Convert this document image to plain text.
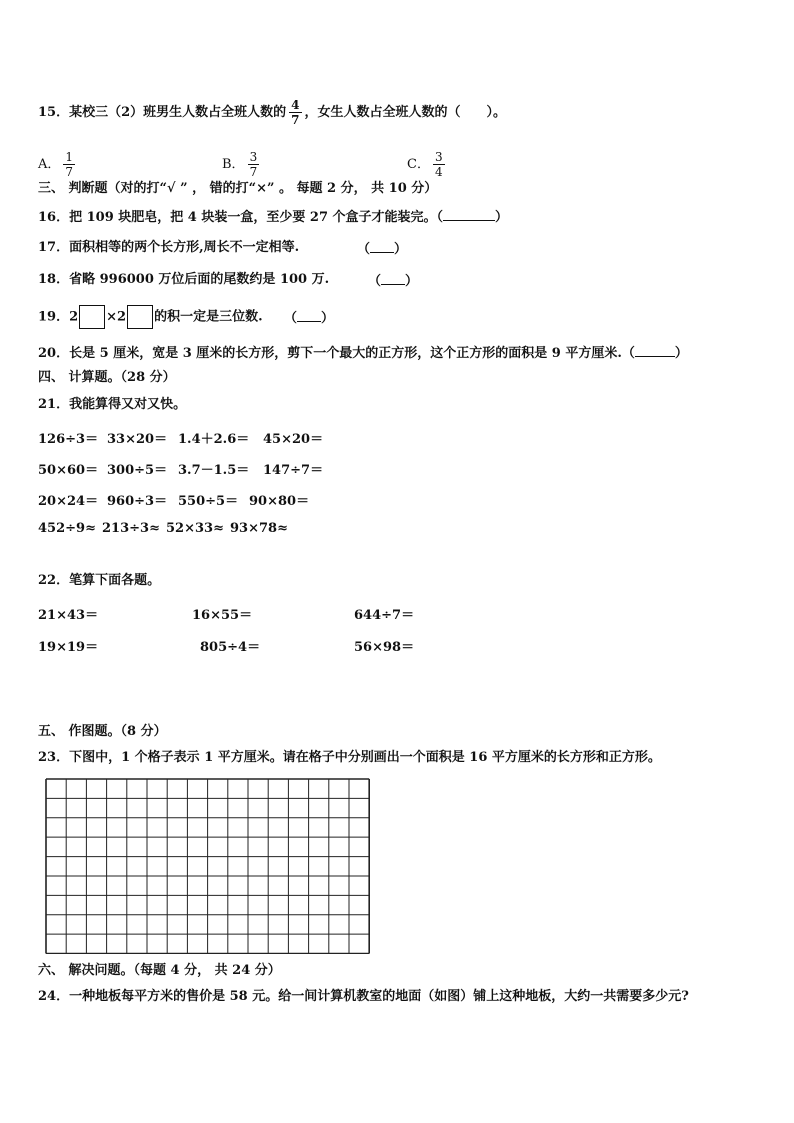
15．某校三（2）班男生人数占全班人数的 $\frac{4}{7}$ ，女生人数占全班人数的（　　）。
A． $\frac{1}{7}$	B． $\frac{3}{7}$	C． $\frac{3}{4}$
三、 判断题（对的打“√ ” ， 错的打“×” 。 每题 2 分， 共 10 分）
16．把 109 块肥皂，把 4 块装一盒，至少要 27 个盒子才能装完。（	）
17．面积相等的两个长方形,周长不一定相等.	（ ）
18．省略 996000 万位后面的尾数约是 100 万.	（ ）
19．2 ×2 的积一定是三位数. （ ）
20．长是 5 厘米，宽是 3 厘米的长方形，剪下一个最大的正方形，这个正方形的面积是 9 平方厘米.（	）
四、 计算题。（28 分）
21．我能算得又对又快。
126÷3＝ 33×20＝ 1.4＋2.6＝ 45×20＝
50×60＝ 300÷5＝ 3.7－1.5＝ 147÷7＝
20×24＝ 960÷3＝ 550÷5＝ 90×80＝
452÷9≈ 213÷3≈ 52×33≈ 93×78≈
22．笔算下面各题。
21×43＝	16×55＝	644÷7＝
19×19＝	805÷4＝	56×98＝
五、 作图题。（8 分）
23．下图中，1 个格子表示 1 平方厘米。请在格子中分别画出一个面积是 16 平方厘米的长方形和正方形。
六、 解决问题。（每题 4 分， 共 24 分）
24．一种地板每平方米的售价是 58 元。给一间计算机教室的地面（如图）铺上这种地板，大约一共需要多少元?
